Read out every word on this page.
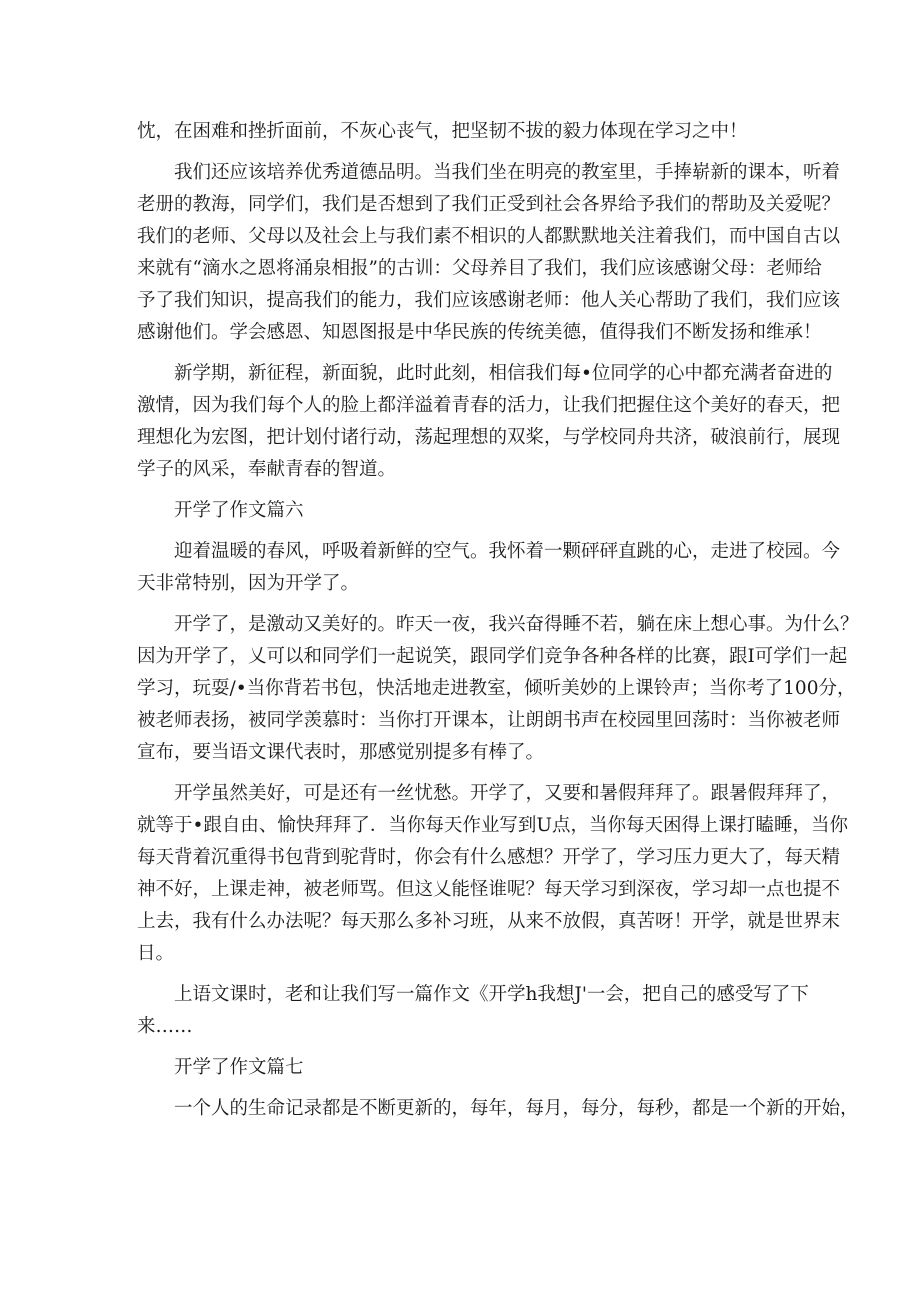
忱，在困难和挫折面前，不灰心丧气，把坚韧不拔的毅力体现在学习之中！
我们还应该培养优秀道德品明。当我们坐在明亮的教室里，手捧崭新的课本，听着
老册的教海，同学们，我们是否想到了我们正受到社会各界给予我们的帮助及关爱呢？
我们的老师、父母以及社会上与我们素不相识的人都默默地关注着我们，而中国自古以
来就有“滴水之恩将涌泉相报”的古训：父母养目了我们，我们应该感谢父母：老师给
予了我们知识，提高我们的能力，我们应该感谢老师：他人关心帮助了我们，我们应该
感谢他们。学会感恩、知恩图报是中华民族的传统美德，值得我们不断发扬和维承！
新学期，新征程，新面貌，此时此刻，相信我们每•位同学的心中都充满者奋进的
激情，因为我们每个人的脸上都洋溢着青春的活力，让我们把握住这个美好的春天，把
理想化为宏图，把计划付诸行动，荡起理想的双桨，与学校同舟共济，破浪前行，展现
学子的风采，奉献青春的智道。
开学了作文篇六
迎着温暖的春风，呼吸着新鲜的空气。我怀着一颗砰砰直跳的心，走进了校园。今
天非常特别，因为开学了。
开学了，是激动又美好的。昨天一夜，我兴奋得睡不若，躺在床上想心事。为什么？
因为开学了，乂可以和同学们一起说笑，跟同学们竞争各种各样的比赛，跟I可学们一起
学习，玩耍/•当你背若书包，快活地走进教室，倾听美妙的上课铃声；当你考了100分，
被老师表扬，被同学羡慕时：当你打开课本，让朗朗书声在校园里回荡时：当你被老师
宣布，要当语文课代表时，那感觉别提多有棒了。
开学虽然美好，可是还有一丝忧愁。开学了，又要和暑假拜拜了。跟暑假拜拜了，
就等于•跟自由、愉快拜拜了．当你每天作业写到U点，当你每天困得上课打瞌睡，当你
每天背着沉重得书包背到驼背时，你会有什么感想？开学了，学习压力更大了，每天精
神不好，上课走神，被老师骂。但这乂能怪谁呢？每天学习到深夜，学习却一点也提不
上去，我有什么办法呢？每天那么多补习班，从来不放假，真苦呀！开学，就是世界末
日。
上语文课时，老和让我们写一篇作文《开学h我想J'一会，把自己的感受写了下
来……
开学了作文篇七
一个人的生命记录都是不断更新的，每年，每月，每分，每秒，都是一个新的开始，
